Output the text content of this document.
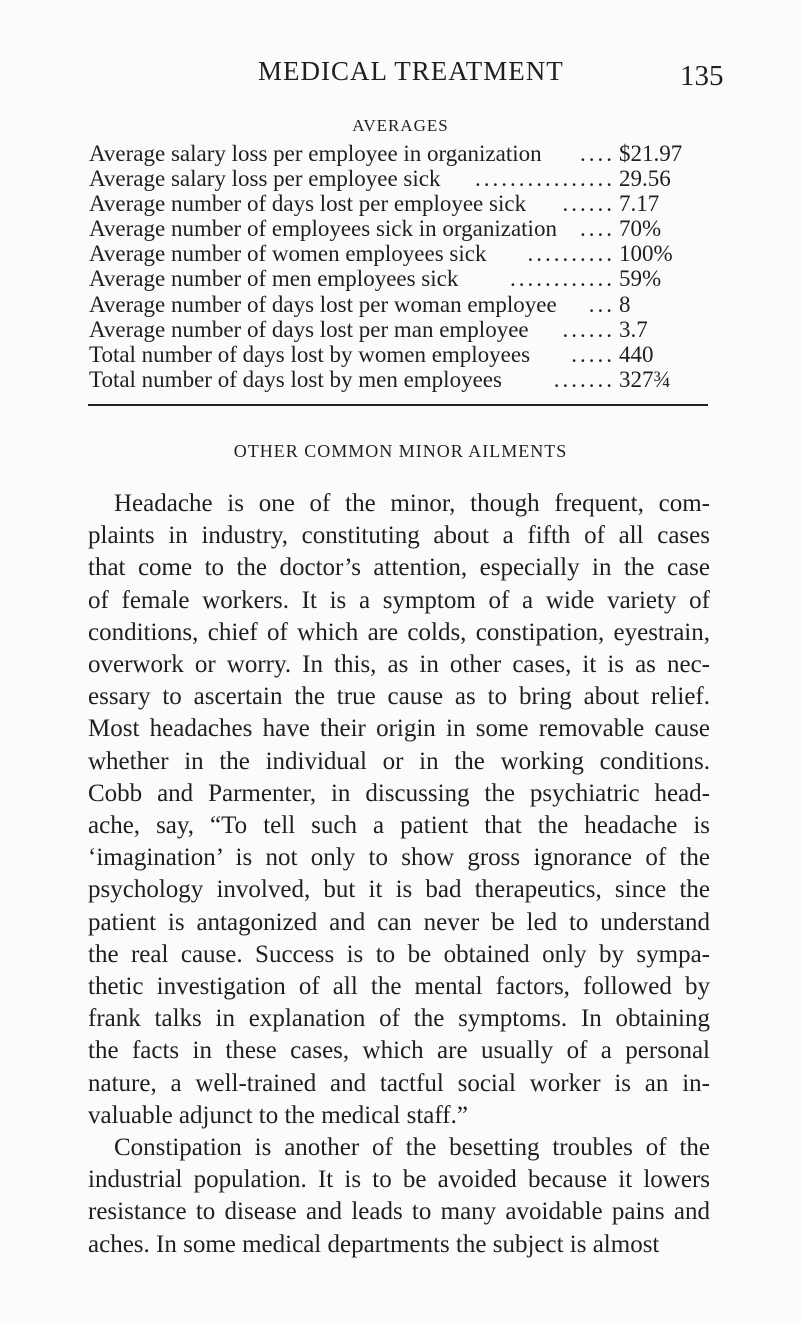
MEDICAL TREATMENT	135
AVERAGES
Average salary loss per employee in organization	.... $21.97
Average salary loss per employee sick	................ 29.56
Average number of days lost per employee sick	...... 7.17
Average number of employees sick in organization	.... 70%
Average number of women employees sick	.......... 100%
Average number of men employees sick	............ 59%
Average number of days lost per woman employee	... 8
Average number of days lost per man employee	...... 3.7
Total number of days lost by women employees	..... 440
Total number of days lost by men employees	....... 327¾
OTHER COMMON MINOR AILMENTS
Headache is one of the minor, though frequent, com-
plaints in industry, constituting about a fifth of all cases
that come to the doctor’s attention, especially in the case
of female workers. It is a symptom of a wide variety of
conditions, chief of which are colds, constipation, eyestrain,
overwork or worry. In this, as in other cases, it is as nec-
essary to ascertain the true cause as to bring about relief.
Most headaches have their origin in some removable cause
whether in the individual or in the working conditions.
Cobb and Parmenter, in discussing the psychiatric head-
ache, say, “To tell such a patient that the headache is
‘imagination’ is not only to show gross ignorance of the
psychology involved, but it is bad therapeutics, since the
patient is antagonized and can never be led to understand
the real cause. Success is to be obtained only by sympa-
thetic investigation of all the mental factors, followed by
frank talks in explanation of the symptoms. In obtaining
the facts in these cases, which are usually of a personal
nature, a well-trained and tactful social worker is an in-
valuable adjunct to the medical staff.”
Constipation is another of the besetting troubles of the
industrial population. It is to be avoided because it lowers
resistance to disease and leads to many avoidable pains and
aches. In some medical departments the subject is almost
